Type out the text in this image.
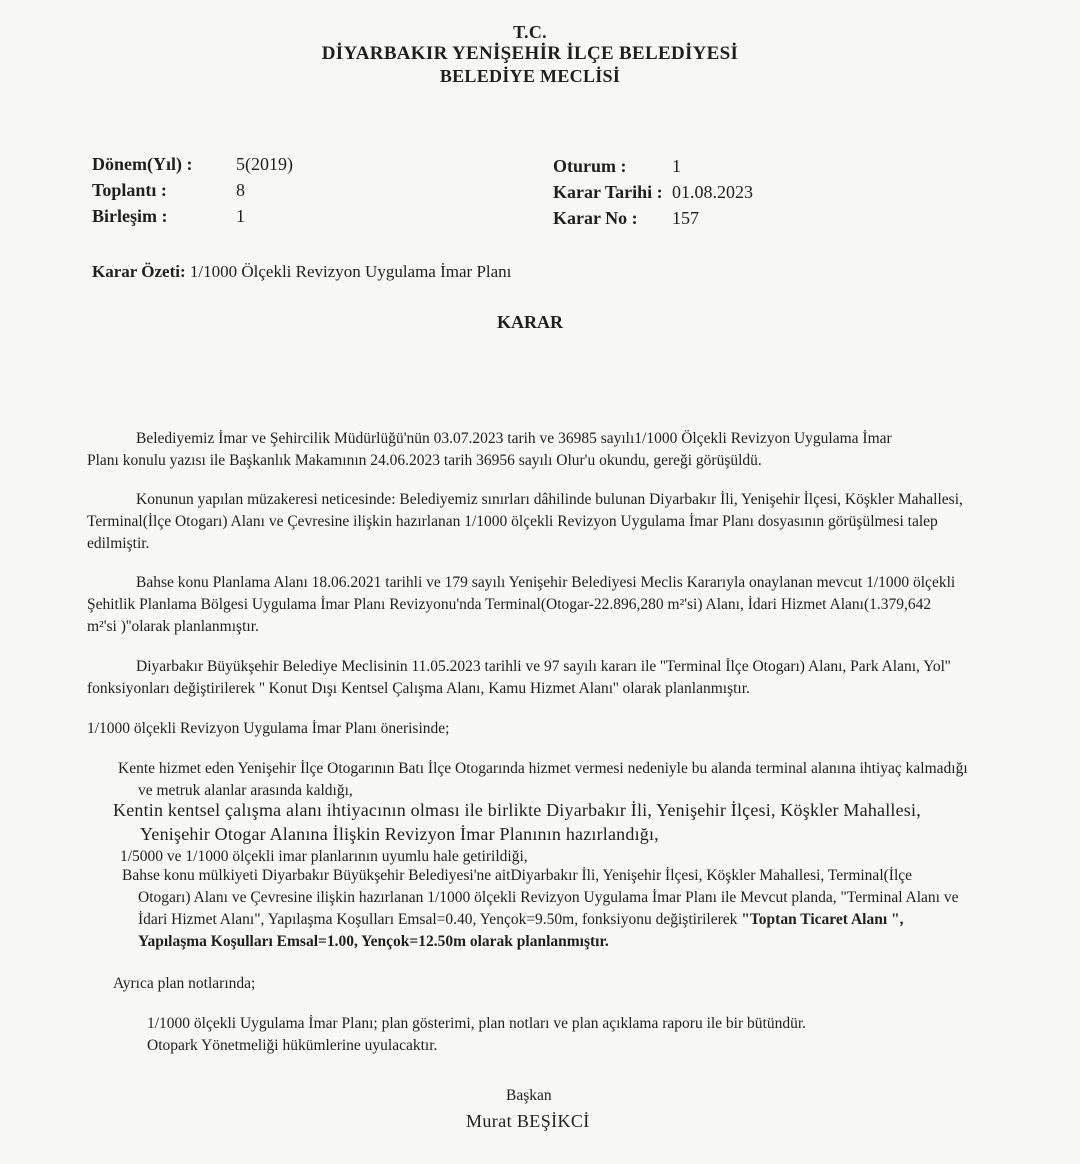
T.C.
DİYARBAKIR YENİŞEHİR İLÇE BELEDİYESİ
BELEDİYE MECLİSİ
Dönem(Yıl) : 5(2019)
Toplantı :	8
Birleşim :	1
Oturum :	1
Karar Tarihi : 01.08.2023
Karar No : 157
Karar Özeti: 1/1000 Ölçekli Revizyon Uygulama İmar Planı
KARAR
Belediyemiz İmar ve Şehircilik Müdürlüğü'nün 03.07.2023 tarih ve 36985 sayılı1/1000 Ölçekli Revizyon Uygulama İmar
Planı konulu yazısı ile Başkanlık Makamının 24.06.2023 tarih 36956 sayılı Olur'u okundu, gereği görüşüldü.
Konunun yapılan müzakeresi neticesinde: Belediyemiz sınırları dâhilinde bulunan Diyarbakır İli, Yenişehir İlçesi, Köşkler Mahallesi,
Terminal(İlçe Otogarı) Alanı ve Çevresine ilişkin hazırlanan 1/1000 ölçekli Revizyon Uygulama İmar Planı dosyasının görüşülmesi talep
edilmiştir.
Bahse konu Planlama Alanı 18.06.2021 tarihli ve 179 sayılı Yenişehir Belediyesi Meclis Kararıyla onaylanan mevcut 1/1000 ölçekli
Şehitlik Planlama Bölgesi Uygulama İmar Planı Revizyonu'nda Terminal(Otogar-22.896,280 m²'si) Alanı, İdari Hizmet Alanı(1.379,642
m²'si )''olarak planlanmıştır.
Diyarbakır Büyükşehir Belediye Meclisinin 11.05.2023 tarihli ve 97 sayılı kararı ile ''Terminal İlçe Otogarı) Alanı, Park Alanı, Yol''
fonksiyonları değiştirilerek '' Konut Dışı Kentsel Çalışma Alanı, Kamu Hizmet Alanı'' olarak planlanmıştır.
1/1000 ölçekli Revizyon Uygulama İmar Planı önerisinde;
Kente hizmet eden Yenişehir İlçe Otogarının Batı İlçe Otogarında hizmet vermesi nedeniyle bu alanda terminal alanına ihtiyaç kalmadığı
ve metruk alanlar arasında kaldığı,
Kentin kentsel çalışma alanı ihtiyacının olması ile birlikte Diyarbakır İli, Yenişehir İlçesi, Köşkler Mahallesi,
Yenişehir Otogar Alanına İlişkin Revizyon İmar Planının hazırlandığı,
1/5000 ve 1/1000 ölçekli imar planlarının uyumlu hale getirildiği,
Bahse konu mülkiyeti Diyarbakır Büyükşehir Belediyesi'ne aitDiyarbakır İli, Yenişehir İlçesi, Köşkler Mahallesi, Terminal(İlçe
Otogarı) Alanı ve Çevresine ilişkin hazırlanan 1/1000 ölçekli Revizyon Uygulama İmar Planı ile Mevcut planda, "Terminal Alanı ve
İdari Hizmet Alanı", Yapılaşma Koşulları Emsal=0.40, Yençok=9.50m, fonksiyonu değiştirilerek "Toptan Ticaret Alanı ",
Yapılaşma Koşulları Emsal=1.00, Yençok=12.50m olarak planlanmıştır.
Ayrıca plan notlarında;
1/1000 ölçekli Uygulama İmar Planı; plan gösterimi, plan notları ve plan açıklama raporu ile bir bütündür.
Otopark Yönetmeliği hükümlerine uyulacaktır.
Başkan
Murat BEŞİKCİ
